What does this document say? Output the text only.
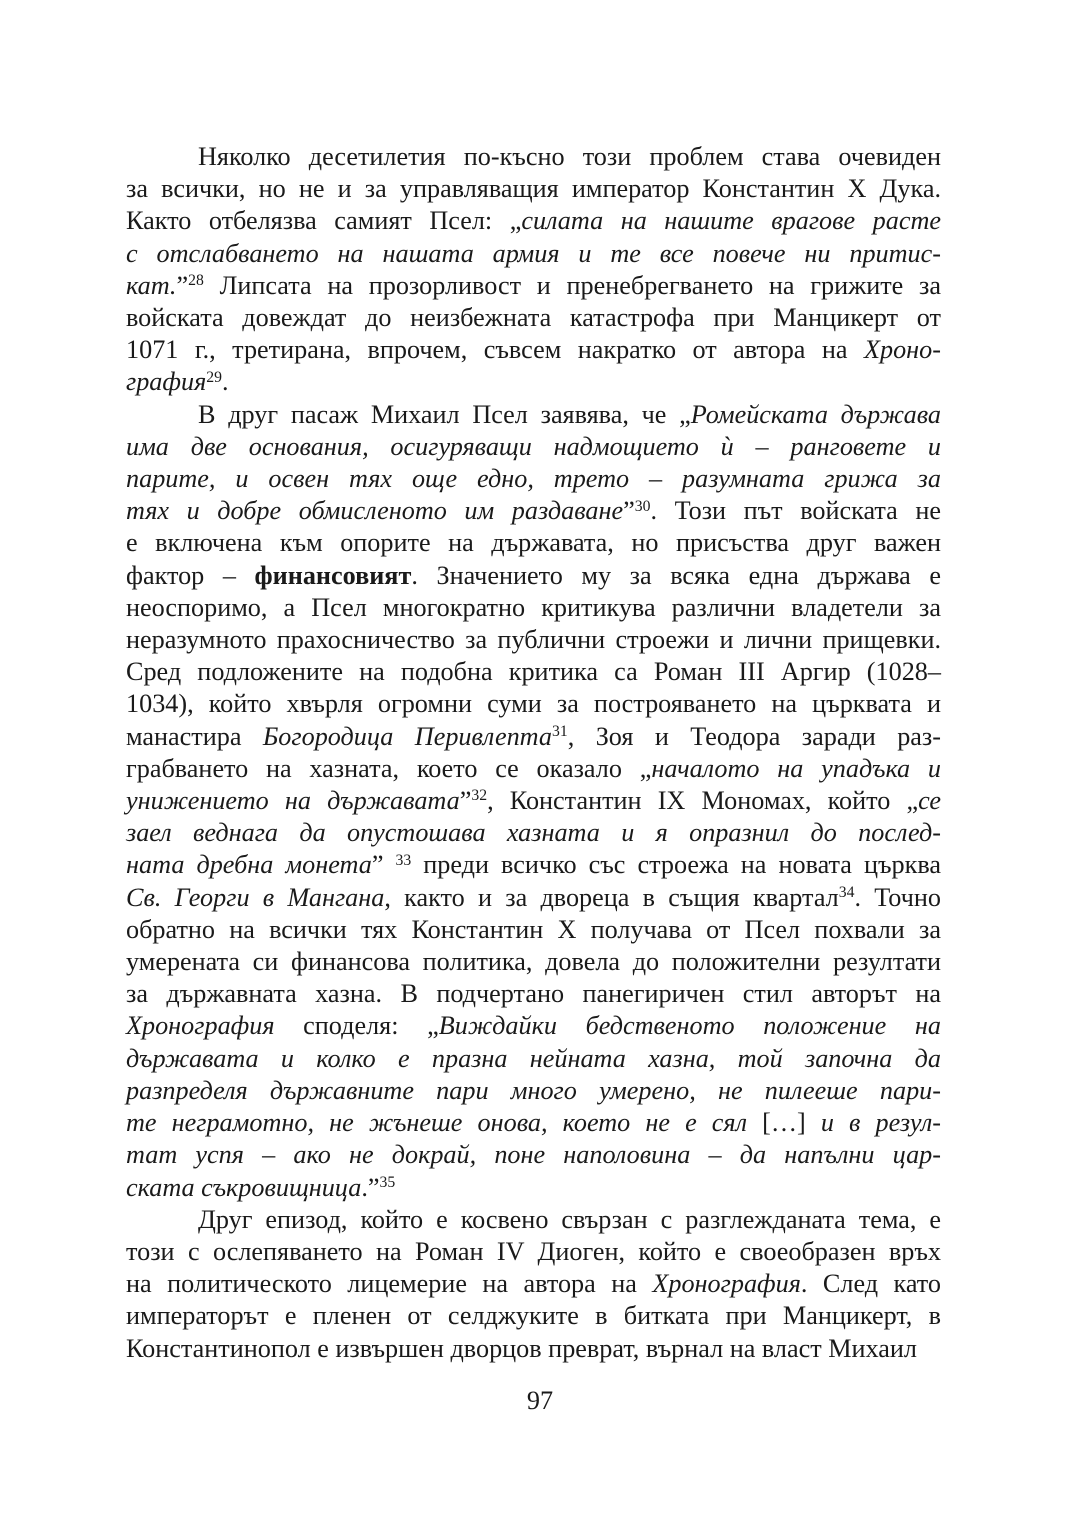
Няколко десетилетия по-късно този проблем става очевиден
за всички, но не и за управляващия император Константин Х Дука.
Както отбелязва самият Псел: „силата на нашите врагове расте
с отслабването на нашата армия и те все повече ни притис-
кат.”$^{28}$ Липсата на прозорливост и пренебрегването на грижите за
войската довеждат до неизбежната катастрофа при Манцикерт от
1071 г., третирана, впрочем, съвсем накратко от автора на Хроно-
графия$^{29}$.
В друг пасаж Михаил Псел заявява, че „Ромейската държава
има две основания, осигуряващи надмощието ѝ – ранговете и
парите, и освен тях още едно, трето – разумната грижа за
тях и добре обмисленото им раздаване”$^{30}$. Този път войската не
е включена към опорите на държавата, но присъства друг важен
фактор – финансовият. Значението му за всяка една държава е
неоспоримо, а Псел многократно критикува различни владетели за
неразумното прахосничество за публични строежи и лични прищевки.
Сред подложените на подобна критика са Роман III Аргир (1028–
1034), който хвърля огромни суми за построяването на църквата и
манастира Богородица Перивлепта$^{31}$, Зоя и Теодора заради раз-
грабването на хазната, което се оказало „началото на упадъка и
унижението на държавата”$^{32}$, Константин IX Мономах, който „се
заел веднага да опустошава хазната и я опразнил до послед-
ната дребна монета” $^{33}$ преди всичко със строежа на новата църква
Св. Георги в Мангана, както и за двореца в същия квартал$^{34}$. Точно
обратно на всички тях Константин Х получава от Псел похвали за
умерената си финансова политика, довела до положителни резултати
за държавната хазна. В подчертано панегиричен стил авторът на
Хронография споделя: „Виждайки бедственото положение на
държавата и колко е празна нейната хазна, той започна да
разпределя държавните пари много умерено, не пилееше пари-
те неграмотно, не жънеше онова, което не е сял […] и в резул-
тат успя – ако не докрай, поне наполовина – да напълни цар-
ската съкровищница.”$^{35}$
Друг епизод, който е косвено свързан с разглежданата тема, е
този с ослепяването на Роман IV Диоген, който е своеобразен връх
на политическото лицемерие на автора на Хронография. След като
императорът е пленен от селджуките в битката при Манцикерт, в
Константинопол е извършен дворцов преврат, върнал на власт Михаил
97
